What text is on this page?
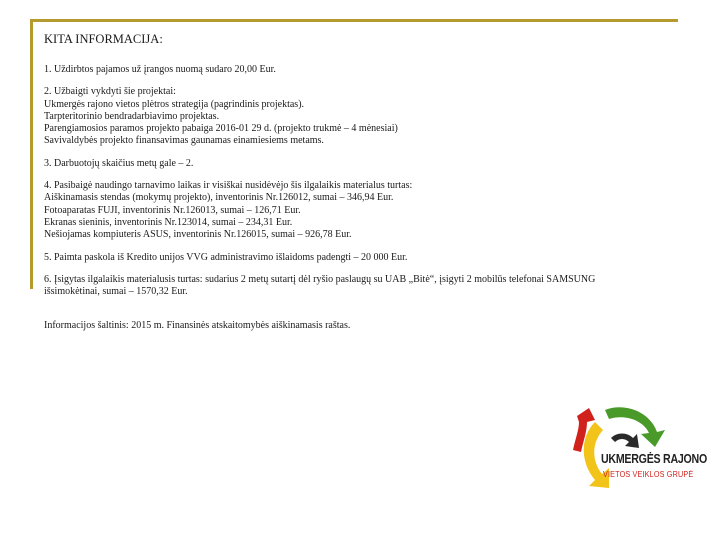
KITA INFORMACIJA:

1. Uždirbtos pajamos už įrangos nuomą sudaro 20,00 Eur.

2. Užbaigti vykdyti šie projektai:

Ukmergės rajono vietos plėtros strategija (pagrindinis projektas).

Tarpteritorinio bendradarbiavimo projektas.

Parengiamosios paramos projekto pabaiga 2016-01 29 d. (projekto trukmė – 4 mėnesiai)

Savivaldybės projekto finansavimas gaunamas einamiesiems metams.

3. Darbuotojų skaičius metų gale – 2.

4. Pasibaigė naudingo tarnavimo laikas ir visiškai nusidėvėjo šis ilgalaikis materialus turtas:

Aiškinamasis stendas (mokymų projekto), inventorinis Nr.126012, sumai – 346,94 Eur.

Fotoaparatas FUJI, inventorinis Nr.126013, sumai – 126,71 Eur.

Ekranas sieninis, inventorinis Nr.123014, sumai – 234,31 Eur.

Nešiojamas kompiuteris ASUS, inventorinis Nr.126015, sumai – 926,78 Eur.

5. Paimta paskola iš Kredito unijos VVG administravimo išlaidoms padengti – 20 000 Eur.

6. Įsigytas ilgalaikis materialusis turtas: sudarius 2 metų sutartį dėl ryšio paslaugų su UAB „Bitė“, įsigyti 2 mobilūs telefonai SAMSUNG

išsimokėtinai, sumai – 1570,32 Eur.

Informacijos šaltinis: 2015 m. Finansinės atskaitomybės aiškinamasis raštas.

UKMERGĖS RAJONO
VIETOS VEIKLOS GRUPĖ
